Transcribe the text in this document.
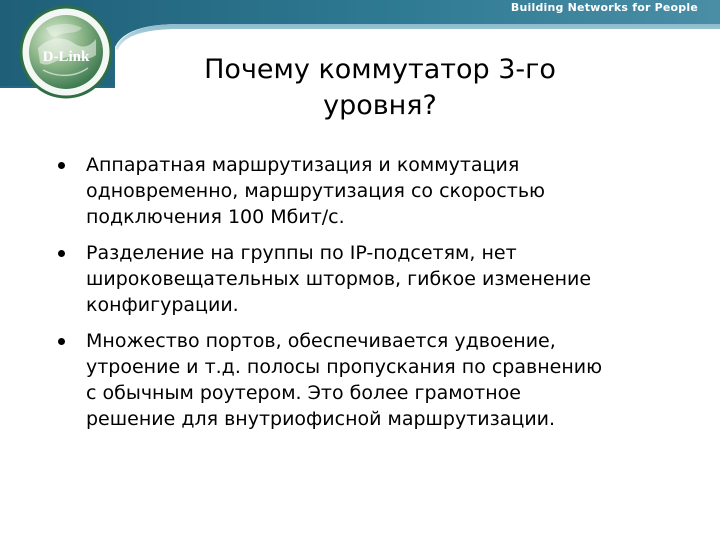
Building Networks for People
D-Link	Почему коммутатор 3-го
уровня?
Аппаратная маршрутизация и коммутация
одновременно, маршрутизация со скоростью
подключения 100 Мбит/с.
Разделение на группы по IP-подсетям, нет
широковещательных штормов, гибкое изменение
конфигурации.
Множество портов, обеспечивается удвоение,
утроение и т.д. полосы пропускания по сравнению
с обычным роутером. Это более грамотное
решение для внутриофисной маршрутизации.
